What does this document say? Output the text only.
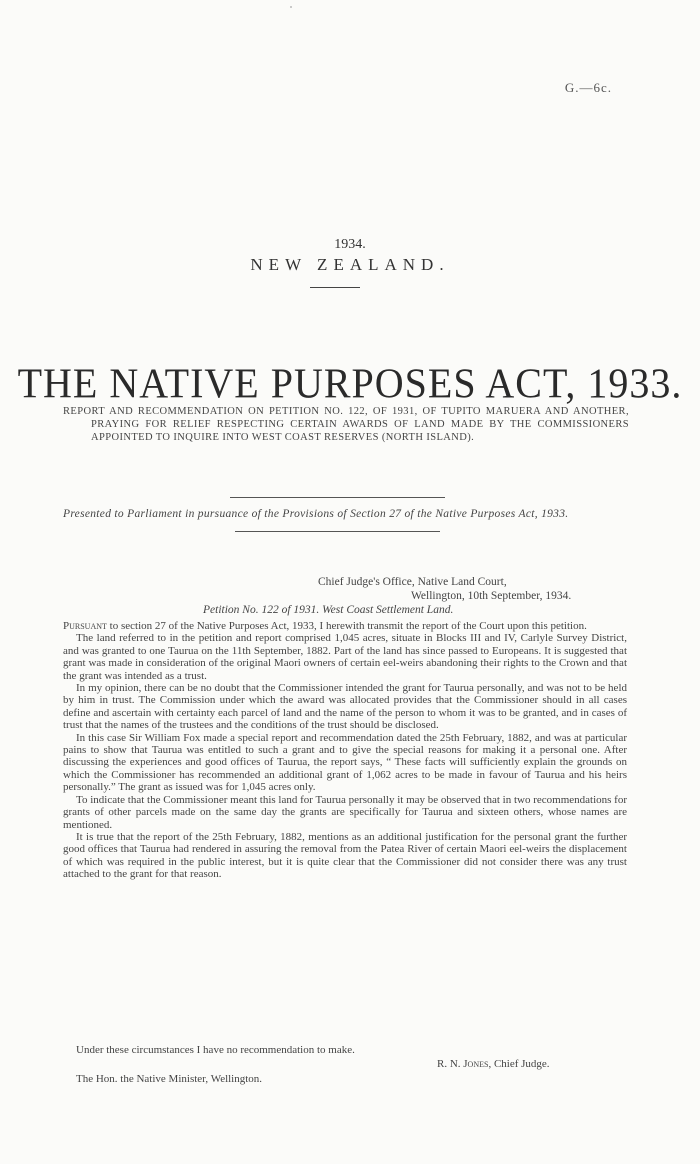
G.—6c.
1934.
NEW ZEALAND.
THE NATIVE PURPOSES ACT, 1933.
REPORT AND RECOMMENDATION ON PETITION NO. 122, OF 1931, OF TUPITO MARUERA AND ANOTHER, PRAYING FOR RELIEF RESPECTING CERTAIN AWARDS OF LAND MADE BY THE COMMISSIONERS APPOINTED TO INQUIRE INTO WEST COAST RESERVES (NORTH ISLAND).
Presented to Parliament in pursuance of the Provisions of Section 27 of the Native Purposes Act, 1933.
Chief Judge's Office, Native Land Court,
Wellington, 10th September, 1934.
Petition No. 122 of 1931. West Coast Settlement Land.

Pursuant to section 27 of the Native Purposes Act, 1933, I herewith transmit the report of the Court upon this petition.

The land referred to in the petition and report comprised 1,045 acres, situate in Blocks III and IV, Carlyle Survey District, and was granted to one Taurua on the 11th September, 1882. Part of the land has since passed to Europeans. It is suggested that grant was made in consideration of the original Maori owners of certain eel-weirs abandoning their rights to the Crown and that the grant was intended as a trust.

In my opinion, there can be no doubt that the Commissioner intended the grant for Taurua personally, and was not to be held by him in trust. The Commission under which the award was allocated provides that the Commissioner should in all cases define and ascertain with certainty each parcel of land and the name of the person to whom it was to be granted, and in cases of trust that the names of the trustees and the conditions of the trust should be disclosed.

In this case Sir William Fox made a special report and recommendation dated the 25th February, 1882, and was at particular pains to show that Taurua was entitled to such a grant and to give the special reasons for making it a personal one. After discussing the experiences and good offices of Taurua, the report says, “ These facts will sufficiently explain the grounds on which the Commissioner has recommended an additional grant of 1,062 acres to be made in favour of Taurua and his heirs personally.” The grant as issued was for 1,045 acres only.

To indicate that the Commissioner meant this land for Taurua personally it may be observed that in two recommendations for grants of other parcels made on the same day the grants are specifically for Taurua and sixteen others, whose names are mentioned.

It is true that the report of the 25th February, 1882, mentions as an additional justification for the personal grant the further good offices that Taurua had rendered in assuring the removal from the Patea River of certain Maori eel-weirs the displacement of which was required in the public interest, but it is quite clear that the Commissioner did not consider there was any trust attached to the grant for that reason.

Under these circumstances I have no recommendation to make.
R. N. Jones, Chief Judge.
The Hon. the Native Minister, Wellington.
